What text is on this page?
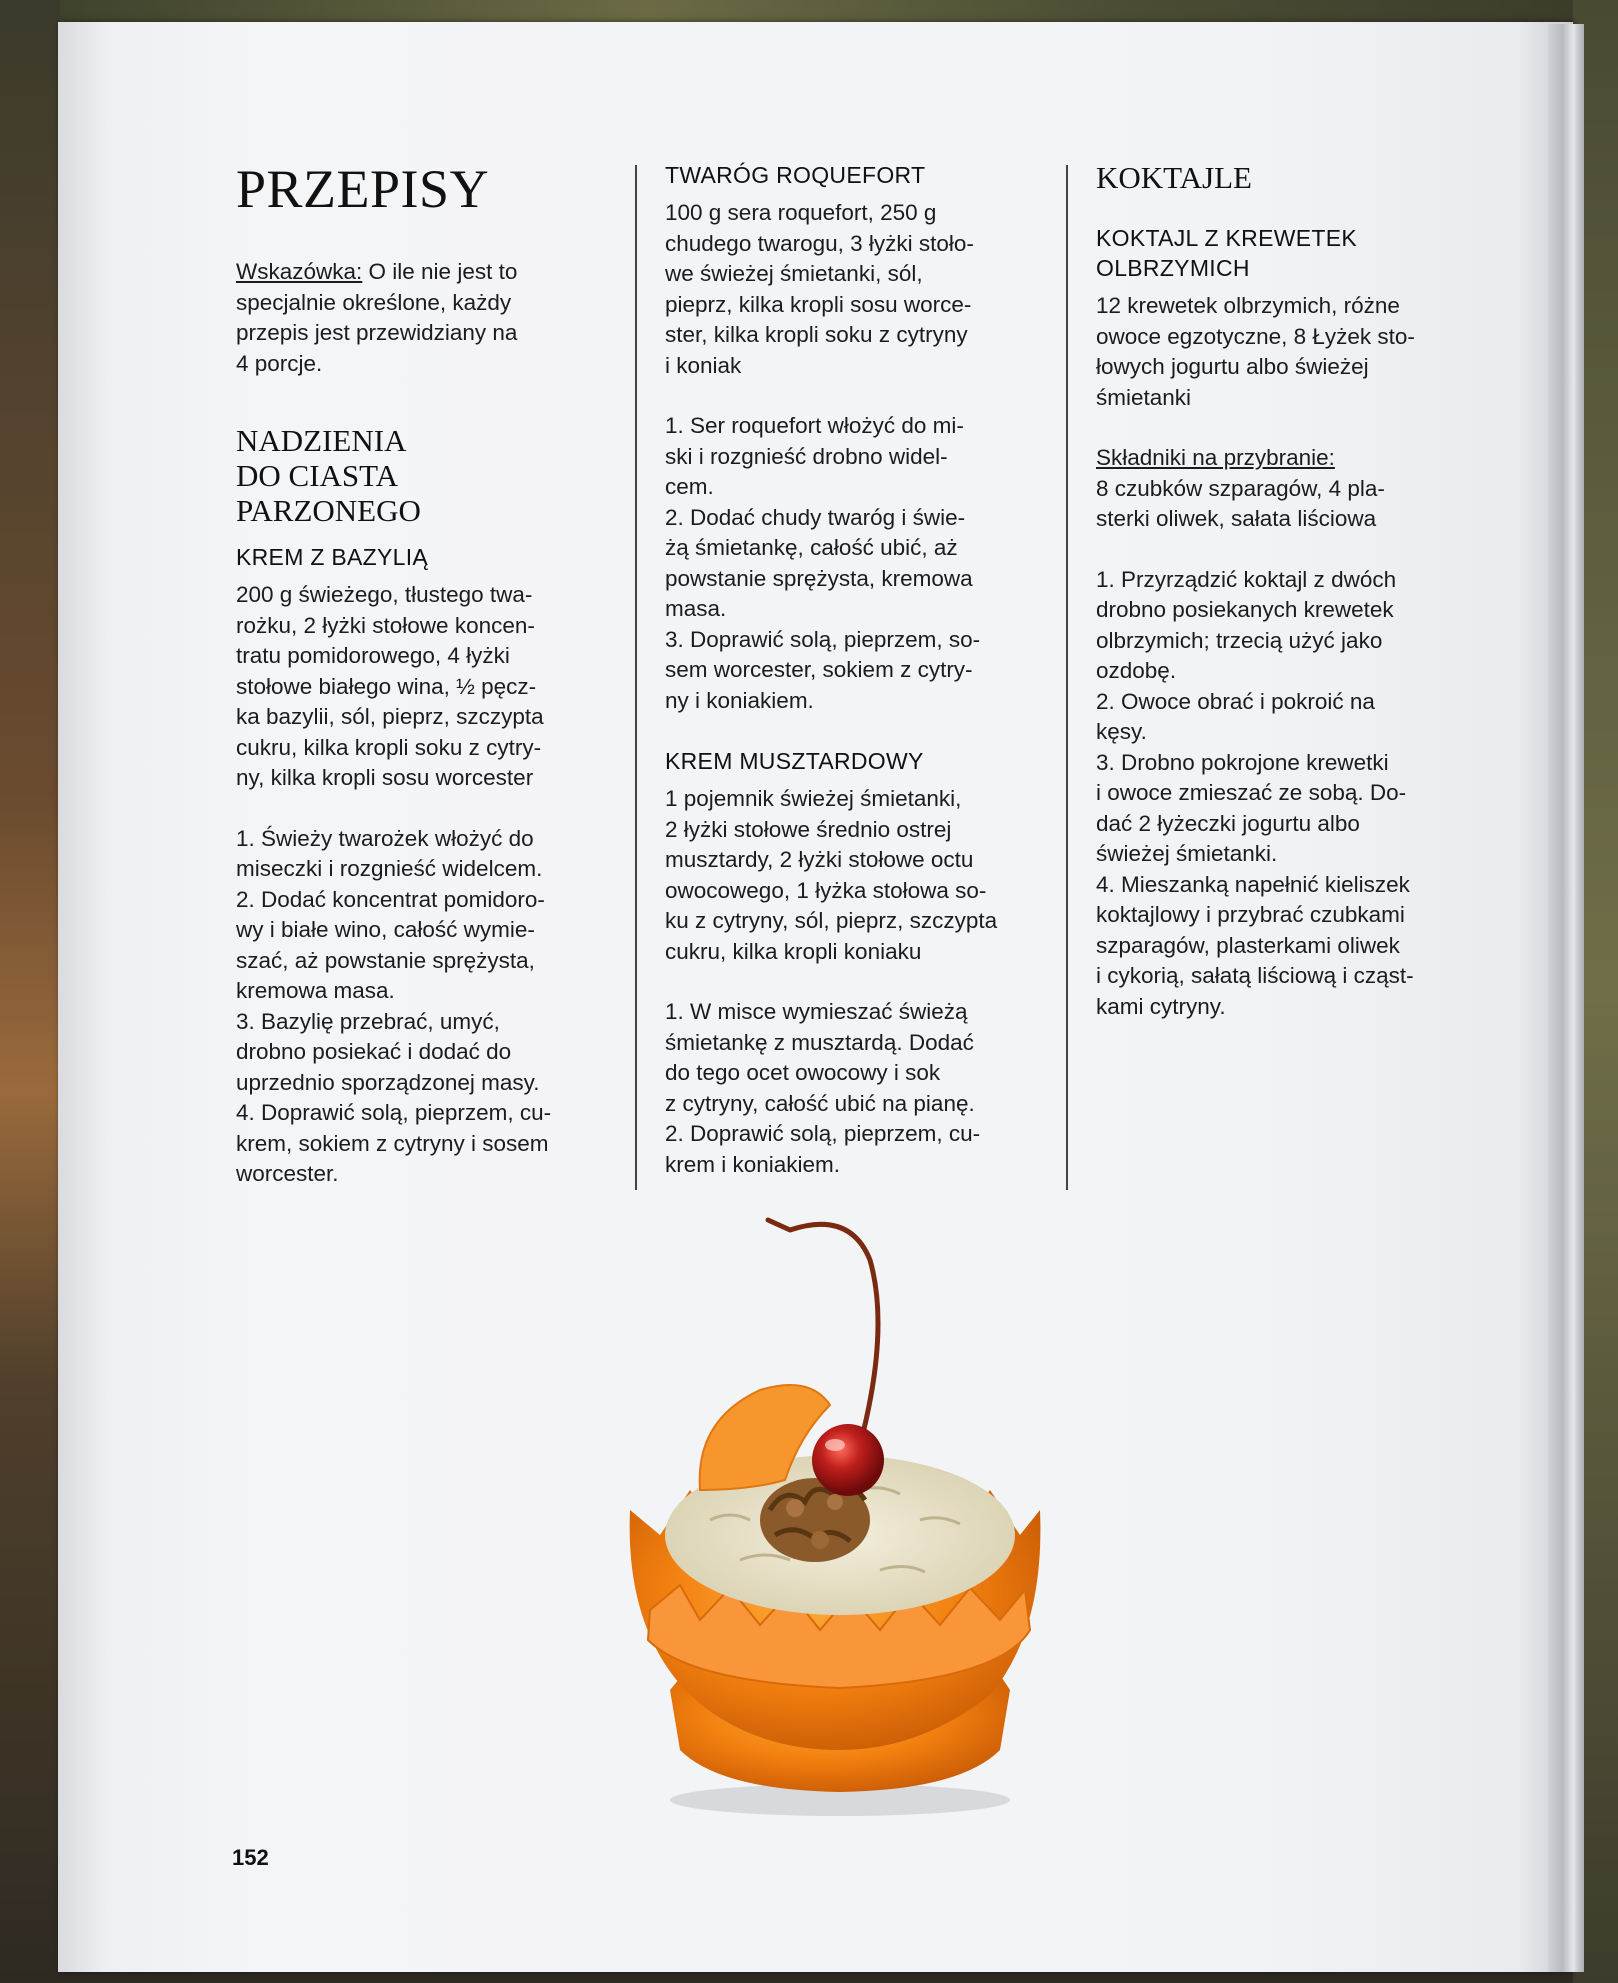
PRZEPISY

Wskazówka: O ile nie jest to
specjalnie określone, każdy
przepis jest przewidziany na
4 porcje.

NADZIENIA
DO CIASTA
PARZONEGO
KREM Z BAZYLIĄ

200 g świeżego, tłustego twa-
rożku, 2 łyżki stołowe koncen-
tratu pomidorowego, 4 łyżki
stołowe białego wina, ½ pęcz-
ka bazylii, sól, pieprz, szczypta
cukru, kilka kropli soku z cytry-
ny, kilka kropli sosu worcester

1. Świeży twarożek włożyć do
miseczki i rozgnieść widelcem.
2. Dodać koncentrat pomidoro-
wy i białe wino, całość wymie-
szać, aż powstanie sprężysta,
kremowa masa.
3. Bazylię przebrać, umyć,
drobno posiekać i dodać do
uprzednio sporządzonej masy.
4. Doprawić solą, pieprzem, cu-
krem, sokiem z cytryny i sosem
worcester.

TWARÓG ROQUEFORT

100 g sera roquefort, 250 g
chudego twarogu, 3 łyżki stoło-
we świeżej śmietanki, sól,
pieprz, kilka kropli sosu worce-
ster, kilka kropli soku z cytryny
i koniak

1. Ser roquefort włożyć do mi-
ski i rozgnieść drobno widel-
cem.
2. Dodać chudy twaróg i świe-
żą śmietankę, całość ubić, aż
powstanie sprężysta, kremowa
masa.
3. Doprawić solą, pieprzem, so-
sem worcester, sokiem z cytry-
ny i koniakiem.

KREM MUSZTARDOWY

1 pojemnik świeżej śmietanki,
2 łyżki stołowe średnio ostrej
musztardy, 2 łyżki stołowe octu
owocowego, 1 łyżka stołowa so-
ku z cytryny, sól, pieprz, szczypta
cukru, kilka kropli koniaku

1. W misce wymieszać świeżą
śmietankę z musztardą. Dodać
do tego ocet owocowy i sok
z cytryny, całość ubić na pianę.
2. Doprawić solą, pieprzem, cu-
krem i koniakiem.

KOKTAJLE
KOKTAJL Z KREWETEK
OLBRZYMICH

12 krewetek olbrzymich, różne
owoce egzotyczne, 8 Łyżek sto-
łowych jogurtu albo świeżej
śmietanki

Składniki na przybranie:
8 czubków szparagów, 4 pla-
sterki oliwek, sałata liściowa

1. Przyrządzić koktajl z dwóch
drobno posiekanych krewetek
olbrzymich; trzecią użyć jako
ozdobę.
2. Owoce obrać i pokroić na
kęsy.
3. Drobno pokrojone krewetki
i owoce zmieszać ze sobą. Do-
dać 2 łyżeczki jogurtu albo
świeżej śmietanki.
4. Mieszanką napełnić kieliszek
koktajlowy i przybrać czubkami
szparagów, plasterkami oliwek
i cykorią, sałatą liściową i cząst-
kami cytryny.

152
